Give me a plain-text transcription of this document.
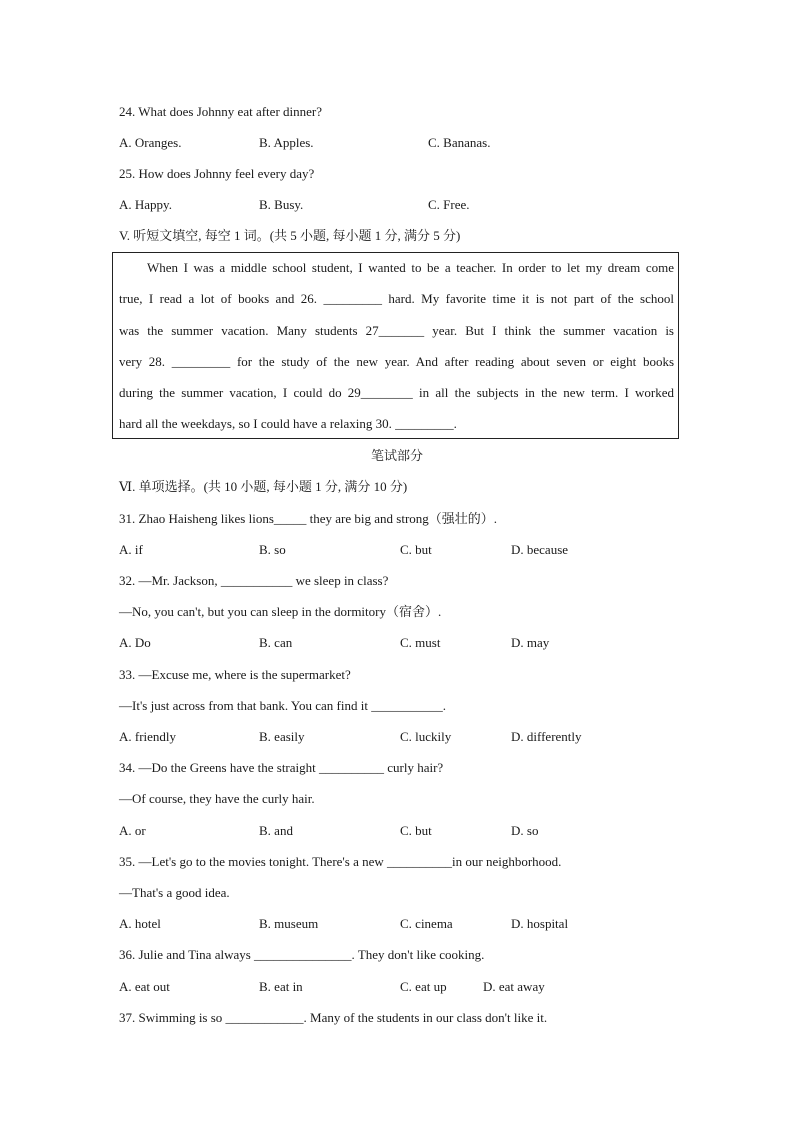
24. What does Johnny eat after dinner?
A. Oranges.	B. Apples.	C. Bananas.
25. How does Johnny feel every day?
A. Happy.	B. Busy.	C. Free.
V. 听短文填空, 每空 1 词。(共 5 小题, 每小题 1 分, 满分 5 分)
When I was a middle school student, I wanted to be a teacher. In order to let my dream come
true, I read a lot of books and 26. _________ hard. My favorite time it is not part of the school
was the summer vacation. Many students 27_______ year. But I think the summer vacation is
very 28. _________ for the study of the new year. And after reading about seven or eight books
during the summer vacation, I could do 29________ in all the subjects in the new term. I worked
hard all the weekdays, so I could have a relaxing 30. _________.
笔试部分
Ⅵ. 单项选择。(共 10 小题, 每小题 1 分, 满分 10 分)
31. Zhao Haisheng likes lions_____ they are big and strong（强壮的）.
A. if	B. so	C. but	D. because
32. —Mr. Jackson, ___________ we sleep in class?
—No, you can't, but you can sleep in the dormitory（宿舍）.
A. Do	B. can	C. must	D. may
33. —Excuse me, where is the supermarket?
—It's just across from that bank. You can find it ___________.
A. friendly	B. easily	C. luckily	D. differently
34. —Do the Greens have the straight __________ curly hair?
—Of course, they have the curly hair.
A. or	B. and	C. but	D. so
35. —Let's go to the movies tonight. There's a new __________in our neighborhood.
—That's a good idea.
A. hotel	B. museum	C. cinema	D. hospital
36. Julie and Tina always _______________. They don't like cooking.
A. eat out	B. eat in	C. eat up	D. eat away
37. Swimming is so ____________. Many of the students in our class don't like it.
